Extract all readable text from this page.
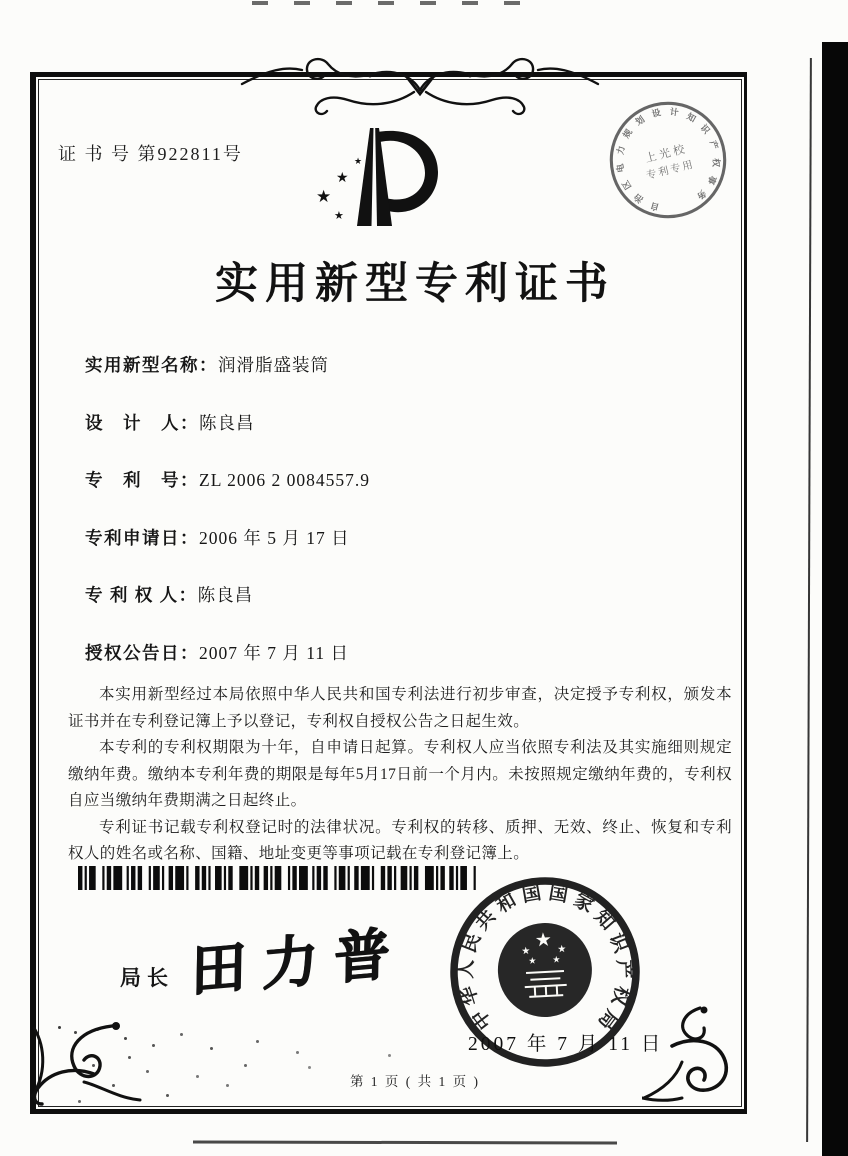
证 书 号 第922811号	★
★
★
★
上光校
专利专用
自
治
区
电
力
规
划
设 计 知
识
产
权
事
务
实用新型专利证书
实用新型名称：润滑脂盛装筒
设　计　人：陈良昌
专　利　号：ZL 2006 2 0084557.9
专利申请日：2006 年 5 月 17 日
专 利 权 人：陈良昌
授权公告日：2007 年 7 月 11 日

本实用新型经过本局依照中华人民共和国专利法进行初步审查，决定授予专利权，颁发本证书并在专利登记簿上予以登记，专利权自授权公告之日起生效。

本专利的专利权期限为十年，自申请日起算。专利权人应当依照专利法及其实施细则规定缴纳年费。缴纳本专利年费的期限是每年5月17日前一个月内。未按照规定缴纳年费的，专利权自应当缴纳年费期满之日起终止。

专利证书记载专利权登记时的法律状况。专利权的转移、质押、无效、终止、恢复和专利权人的姓名或名称、国籍、地址变更等事项记载在专利登记簿上。

局长 田力普	★
★	★
★ ★
中
华
人
民
共
和 国 国 家
知
识
产
权
局
2007 年 7 月 11 日
第 1 页 ( 共 1 页 )
